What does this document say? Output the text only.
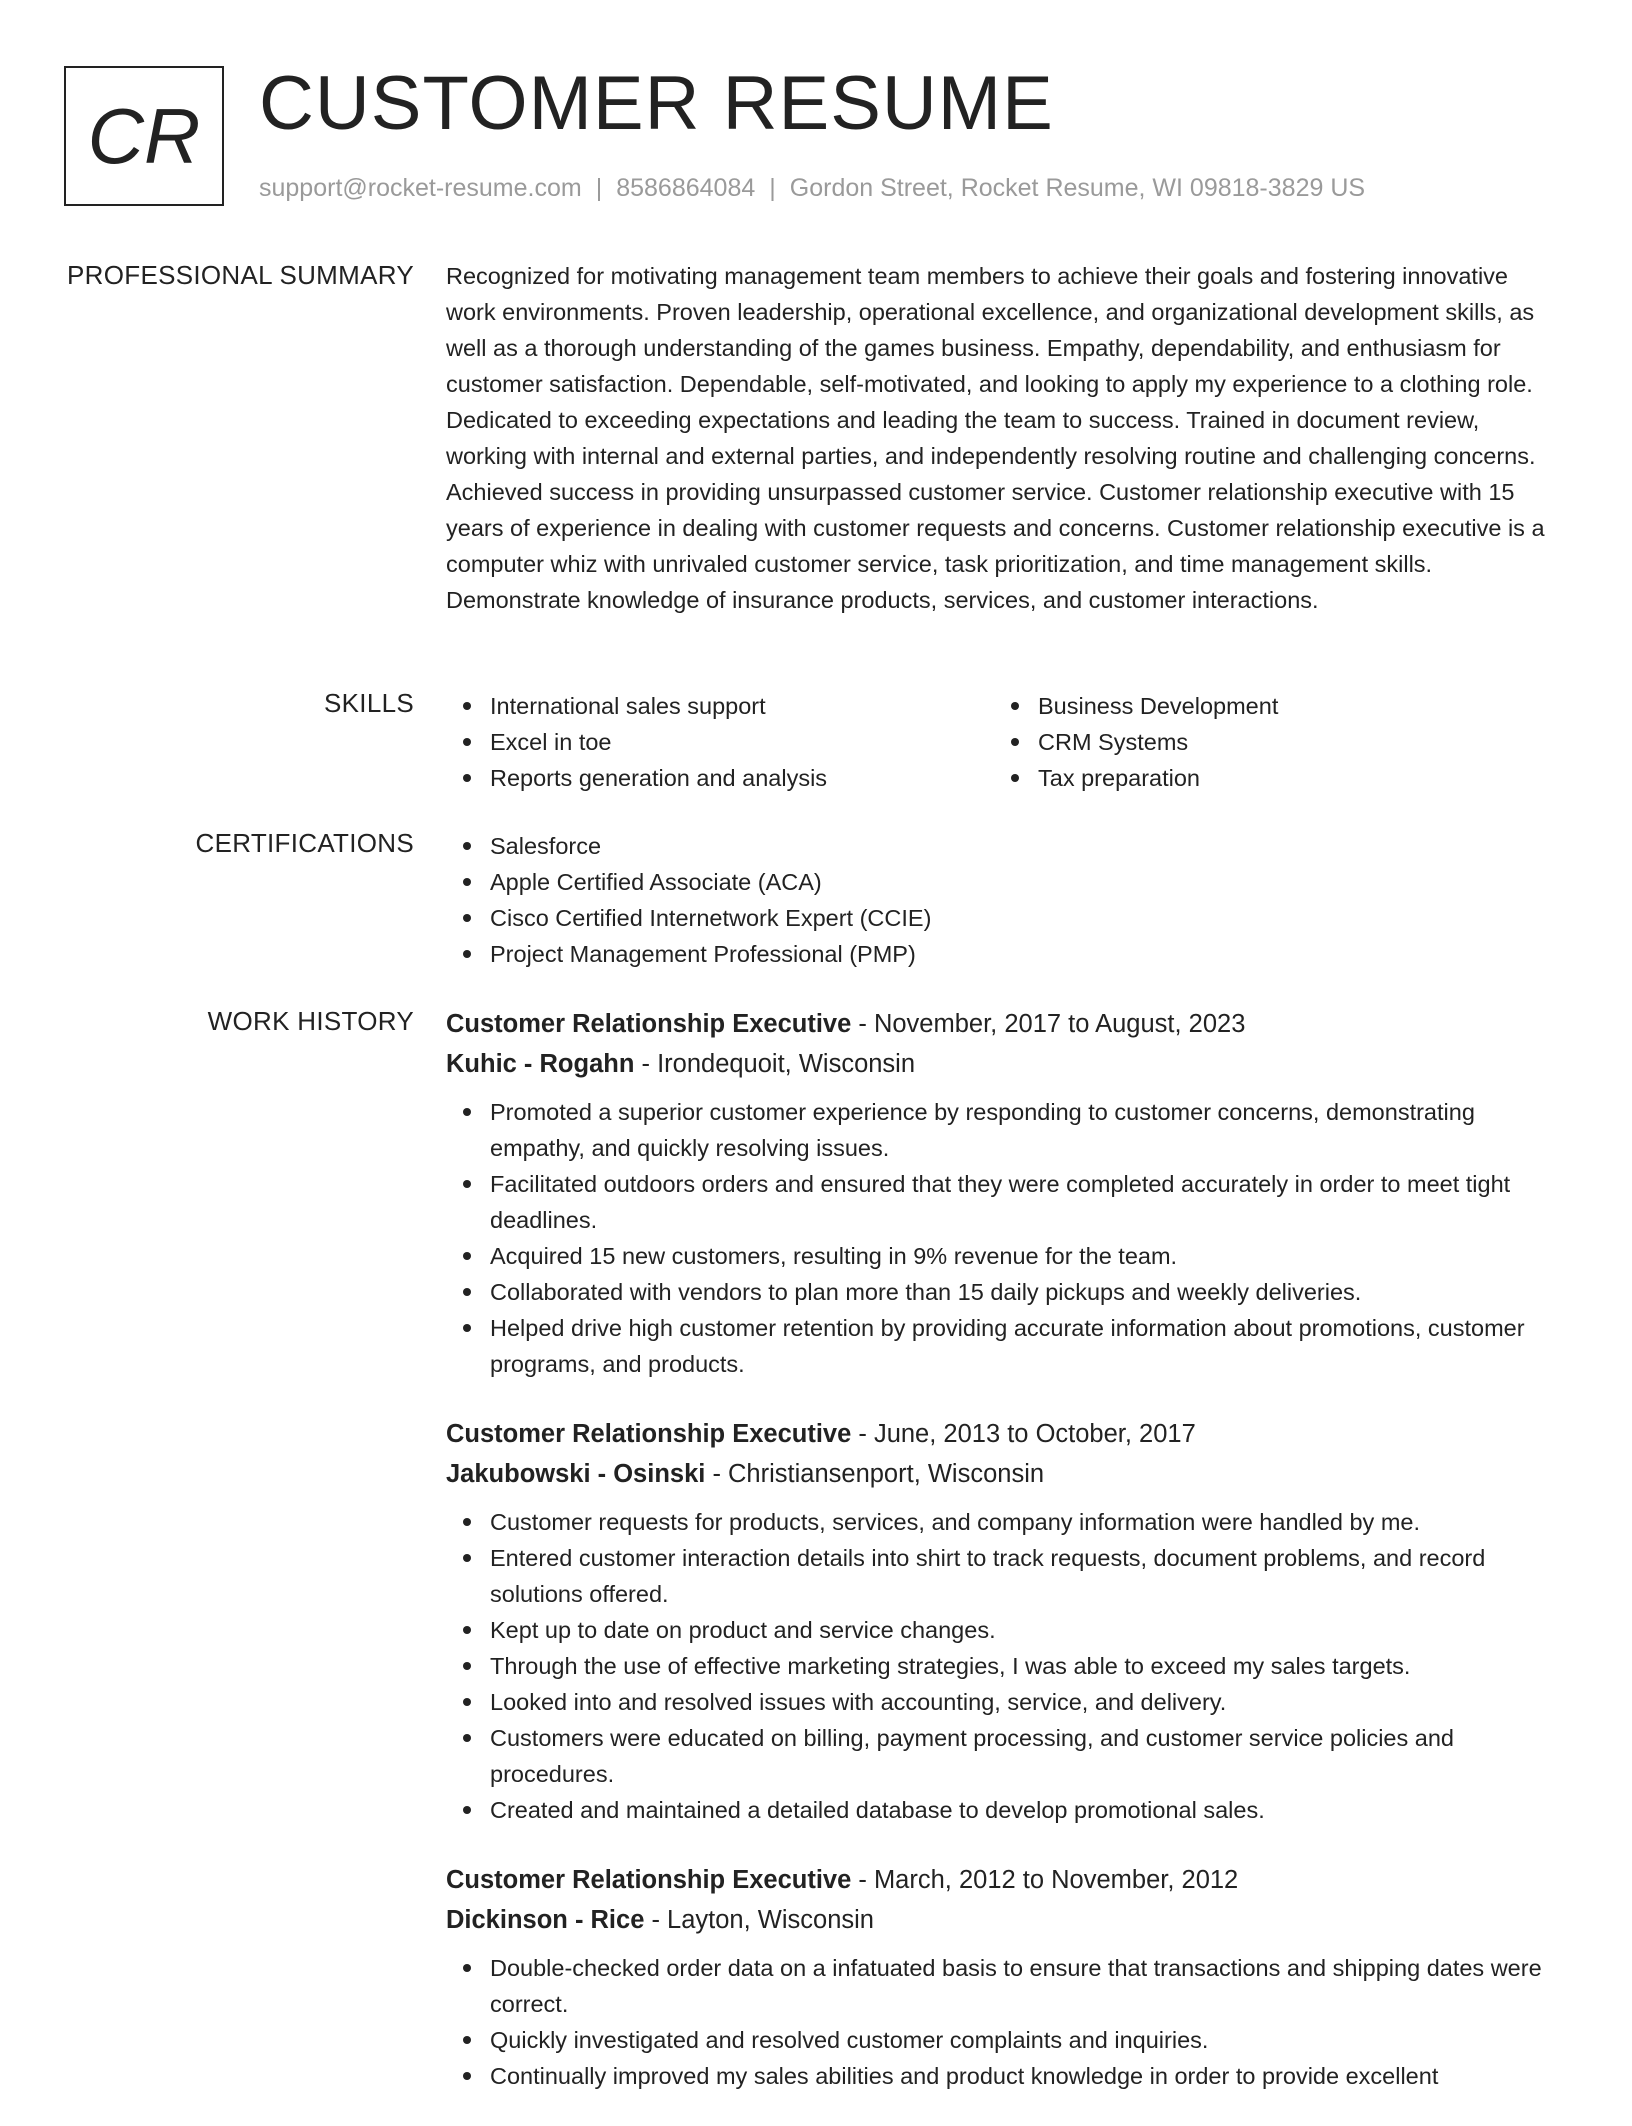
CR CUSTOMER RESUME
support@rocket-resume.com | 8586864084 | Gordon Street, Rocket Resume, WI 09818-3829 US
PROFESSIONAL SUMMARY Recognized for motivating management team members to achieve their goals and fostering innovative work environments. Proven leadership, operational excellence, and organizational development skills, as well as a thorough understanding of the games business. Empathy, dependability, and enthusiasm for customer satisfaction. Dependable, self-motivated, and looking to apply my experience to a clothing role. Dedicated to exceeding expectations and leading the team to success. Trained in document review, working with internal and external parties, and independently resolving routine and challenging concerns. Achieved success in providing unsurpassed customer service. Customer relationship executive with 15 years of experience in dealing with customer requests and concerns. Customer relationship executive is a computer whiz with unrivaled customer service, task prioritization, and time management skills. Demonstrate knowledge of insurance products, services, and customer interactions.

SKILLS	International sales support
Excel in toe
Reports generation and analysis
Business Development
CRM Systems
Tax preparation
CERTIFICATIONS	Salesforce
Apple Certified Associate (ACA)
Cisco Certified Internetwork Expert (CCIE)
Project Management Professional (PMP)
WORK HISTORY Customer Relationship Executive - November, 2017 to August, 2023
Kuhic - Rogahn - Irondequoit, Wisconsin
Promoted a superior customer experience by responding to customer concerns, demonstrating empathy, and quickly resolving issues.
Facilitated outdoors orders and ensured that they were completed accurately in order to meet tight deadlines.
Acquired 15 new customers, resulting in 9% revenue for the team.
Collaborated with vendors to plan more than 15 daily pickups and weekly deliveries.
Helped drive high customer retention by providing accurate information about promotions, customer programs, and products.
Customer Relationship Executive - June, 2013 to October, 2017
Jakubowski - Osinski - Christiansenport, Wisconsin
Customer requests for products, services, and company information were handled by me.
Entered customer interaction details into shirt to track requests, document problems, and record solutions offered.
Kept up to date on product and service changes.
Through the use of effective marketing strategies, I was able to exceed my sales targets.
Looked into and resolved issues with accounting, service, and delivery.
Customers were educated on billing, payment processing, and customer service policies and procedures.
Created and maintained a detailed database to develop promotional sales.
Customer Relationship Executive - March, 2012 to November, 2012
Dickinson - Rice - Layton, Wisconsin
Double-checked order data on a infatuated basis to ensure that transactions and shipping dates were correct.
Quickly investigated and resolved customer complaints and inquiries.
Continually improved my sales abilities and product knowledge in order to provide excellent
